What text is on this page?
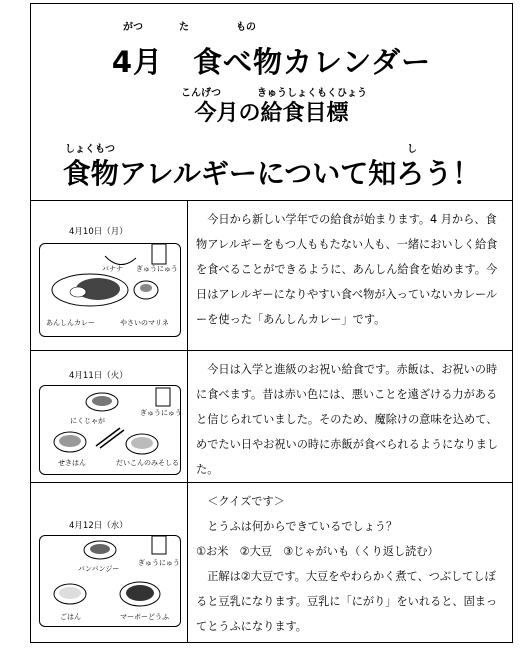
がつ	た	もの
4月　食べ物カレンダー
こんげつ	きゅうしょくもくひょう
今月の給食目標
しょくもつ	し
食物アレルギーについて知ろう！
4月10日（月）
バナナ ぎゅうにゅう
あんしんカレー	やさいのマリネ

今日から新しい学年での給食が始まります。4 月から、食物アレルギーをもつ人ももたない人も、一緒においしく給食を食べることができるように、あんしん給食を始めます。今日はアレルギーになりやすい食べ物が入っていないカレールーを使った「あんしんカレー」です。

4月11日（火）
にくじゃが
ぎゅうにゅう
せきはん	だいこんのみそしる

今日は入学と進級のお祝い給食です。赤飯は、お祝いの時に食べます。昔は赤い色には、悪いことを遠ざける力があると信じられていました。そのため、魔除けの意味を込めて、めでたい日やお祝いの時に赤飯が食べられるようになりました。

4月12日（水）
バンバンジー
ぎゅうにゅう
ごはん	マーボーどうふ

＜クイズです＞

とうふは何からできているでしょう？

①お米　②大豆　③じゃがいも（くり返し読む）

正解は②大豆です。大豆をやわらかく煮て、つぶしてしぼると豆乳になります。豆乳に「にがり」をいれると、固まってとうふになります。
